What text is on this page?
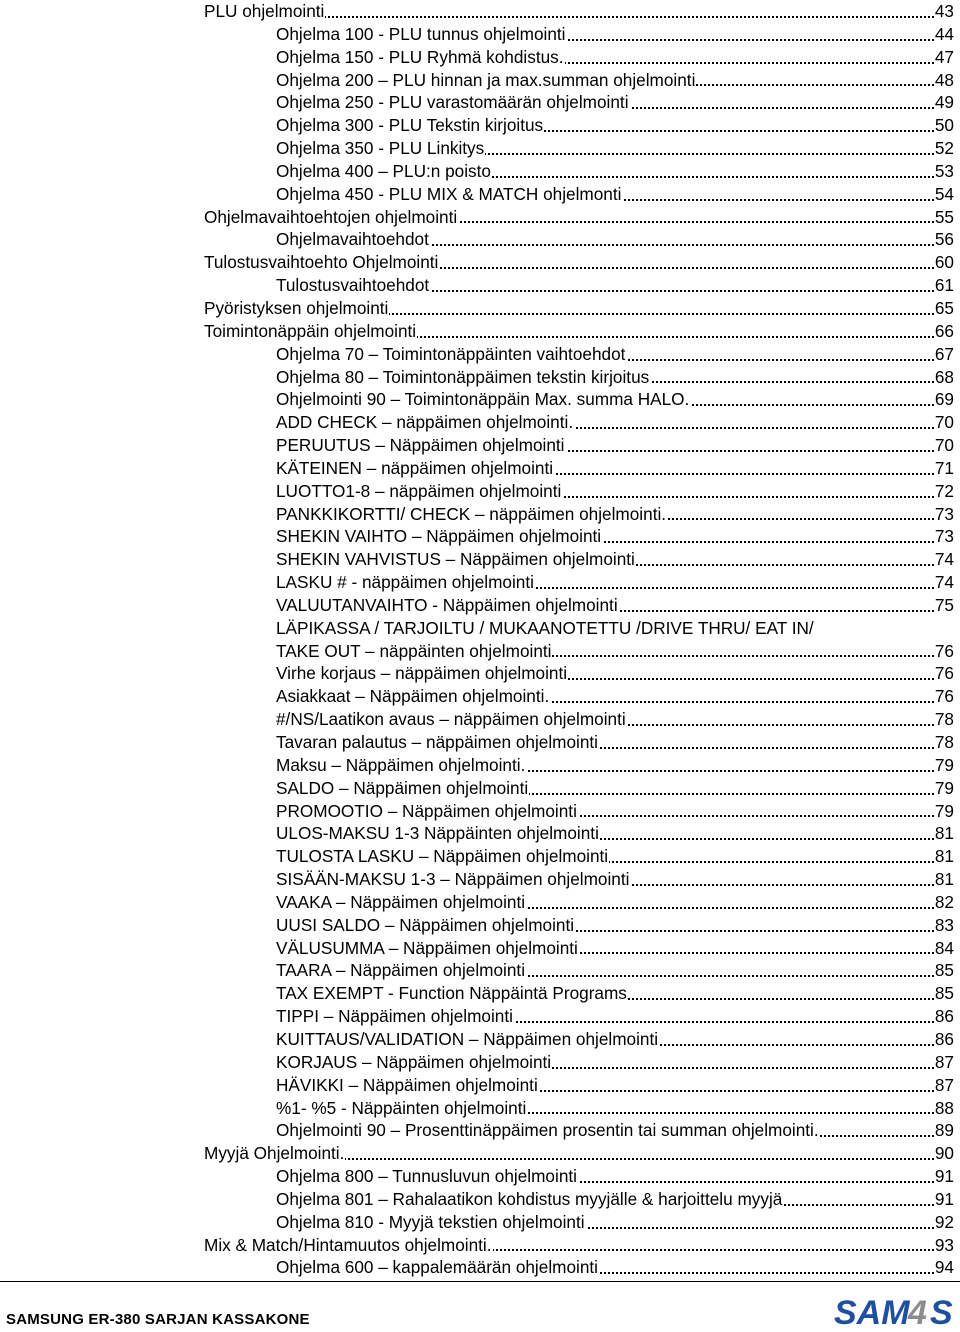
PLU ohjelmointi	43
Ohjelma 100 - PLU tunnus ohjelmointi	44
Ohjelma 150 - PLU Ryhmä kohdistus.	47
Ohjelma 200 – PLU hinnan ja max.summan ohjelmointi	48
Ohjelma 250 - PLU varastomäärän ohjelmointi	49
Ohjelma 300 - PLU Tekstin kirjoitus	50
Ohjelma 350 - PLU Linkitys	52
Ohjelma 400 – PLU:n poisto	53
Ohjelma 450 - PLU MIX & MATCH ohjelmonti	54
Ohjelmavaihtoehtojen ohjelmointi	55
Ohjelmavaihtoehdot	56
Tulostusvaihtoehto Ohjelmointi	60
Tulostusvaihtoehdot	61
Pyöristyksen ohjelmointi	65
Toimintonäppäin ohjelmointi	66
Ohjelma 70 – Toimintonäppäinten vaihtoehdot	67
Ohjelma 80 – Toimintonäppäimen tekstin kirjoitus	68
Ohjelmointi 90 – Toimintonäppäin Max. summa HALO.	69
ADD CHECK – näppäimen ohjelmointi.	70
PERUUTUS – Näppäimen ohjelmointi	70
KÄTEINEN – näppäimen ohjelmointi	71
LUOTTO1-8 – näppäimen ohjelmointi	72
PANKKIKORTTI/ CHECK – näppäimen ohjelmointi.	73
SHEKIN VAIHTO – Näppäimen ohjelmointi	73
SHEKIN VAHVISTUS – Näppäimen ohjelmointi	74
LASKU # - näppäimen ohjelmointi	74
VALUUTANVAIHTO - Näppäimen ohjelmointi	75
LÄPIKASSA / TARJOILTU / MUKAANOTETTU /DRIVE THRU/ EAT IN/
TAKE OUT – näppäinten ohjelmointi	76
Virhe korjaus – näppäimen ohjelmointi	76
Asiakkaat – Näppäimen ohjelmointi.	76
#/NS/Laatikon avaus – näppäimen ohjelmointi	78
Tavaran palautus – näppäimen ohjelmointi	78
Maksu – Näppäimen ohjelmointi.	79
SALDO – Näppäimen ohjelmointi	79
PROMOOTIO – Näppäimen ohjelmointi	79
ULOS-MAKSU 1-3 Näppäinten ohjelmointi	81
TULOSTA LASKU – Näppäimen ohjelmointi	81
SISÄÄN-MAKSU 1-3 – Näppäimen ohjelmointi	81
VAAKA – Näppäimen ohjelmointi	82
UUSI SALDO – Näppäimen ohjelmointi	83
VÄLUSUMMA – Näppäimen ohjelmointi	84
TAARA – Näppäimen ohjelmointi	85
TAX EXEMPT - Function Näppäintä Programs	85
TIPPI – Näppäimen ohjelmointi	86
KUITTAUS/VALIDATION – Näppäimen ohjelmointi	86
KORJAUS – Näppäimen ohjelmointi	87
HÄVIKKI – Näppäimen ohjelmointi	87
%1- %5 - Näppäinten ohjelmointi	88
Ohjelmointi 90 – Prosenttinäppäimen prosentin tai summan ohjelmointi.	89
Myyjä Ohjelmointi.	90
Ohjelma 800 – Tunnusluvun ohjelmointi	91
Ohjelma 801 – Rahalaatikon kohdistus myyjälle & harjoittelu myyjä	91
Ohjelma 810 - Myyjä tekstien ohjelmointi	92
Mix & Match/Hintamuutos ohjelmointi.	93
Ohjelma 600 – kappalemäärän ohjelmointi	94
SAMSUNG ER-380 SARJAN KASSAKONE	SAM
4 S
